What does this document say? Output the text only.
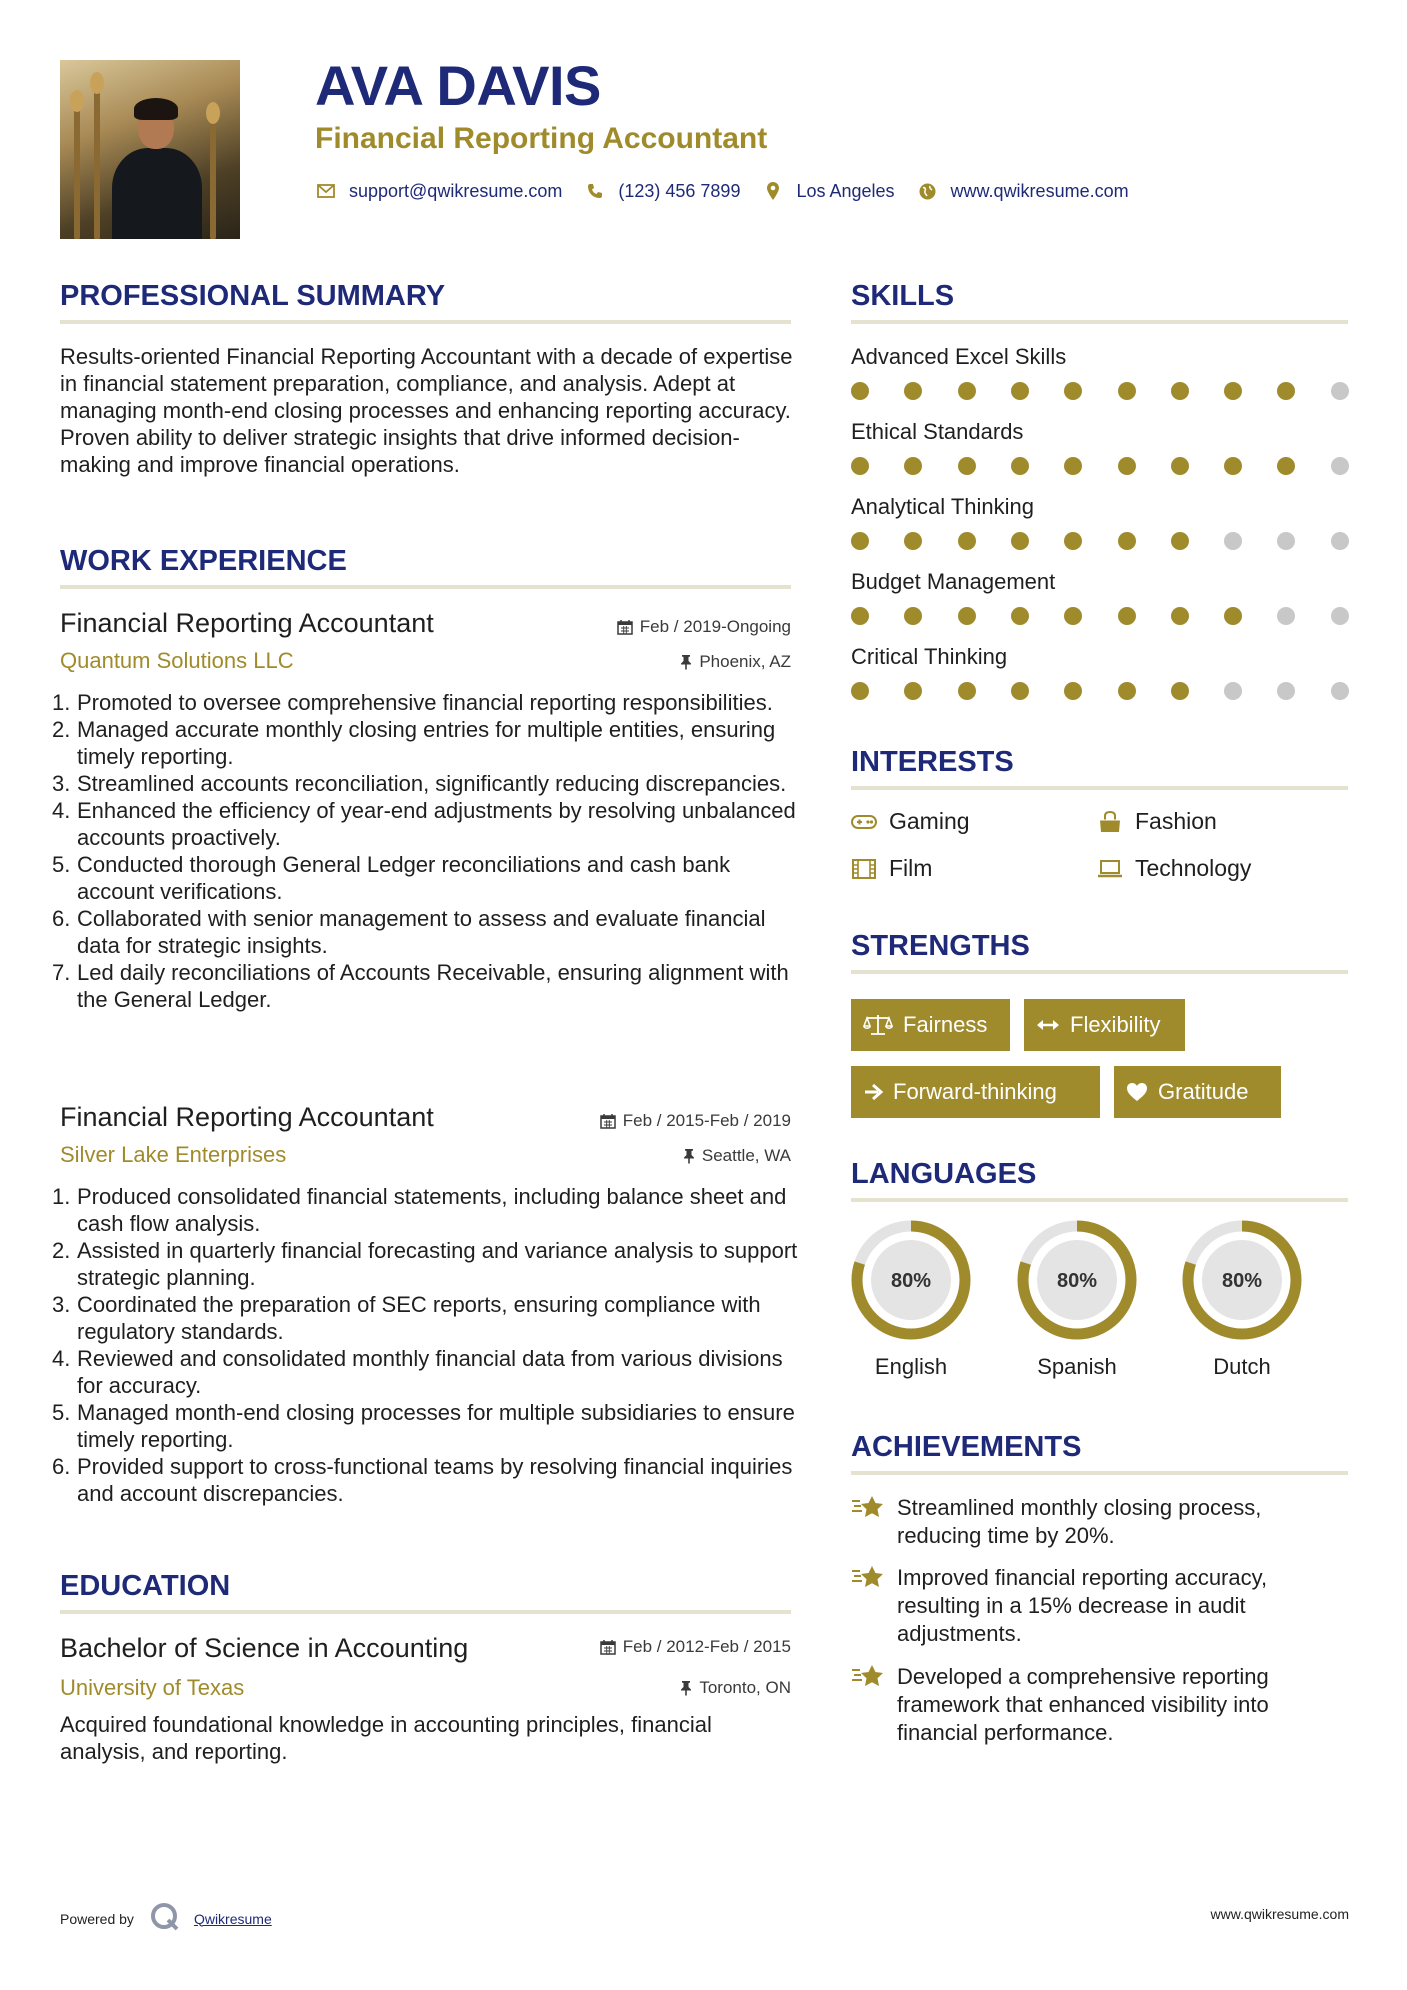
AVA DAVIS
Financial Reporting Accountant
support@qwikresume.com	(123) 456 7899	Los Angeles	www.qwikresume.com
PROFESSIONAL SUMMARY

Results-oriented Financial Reporting Accountant with a decade of expertise in financial statement preparation, compliance, and analysis. Adept at managing month-end closing processes and enhancing reporting accuracy. Proven ability to deliver strategic insights that drive informed decision-making and improve financial operations.

WORK EXPERIENCE

Financial Reporting Accountant	Feb / 2019-Ongoing

Quantum Solutions LLC	Phoenix, AZ
1. Promoted to oversee comprehensive financial reporting responsibilities.
2. Managed accurate monthly closing entries for multiple entities, ensuring timely reporting.
3. Streamlined accounts reconciliation, significantly reducing discrepancies.
4. Enhanced the efficiency of year-end adjustments by resolving unbalanced accounts proactively.
5. Conducted thorough General Ledger reconciliations and cash bank account verifications.
6. Collaborated with senior management to assess and evaluate financial data for strategic insights.
7. Led daily reconciliations of Accounts Receivable, ensuring alignment with the General Ledger.

Financial Reporting Accountant	Feb / 2015-Feb / 2019

Silver Lake Enterprises	Seattle, WA
1. Produced consolidated financial statements, including balance sheet and cash flow analysis.
2. Assisted in quarterly financial forecasting and variance analysis to support strategic planning.
3. Coordinated the preparation of SEC reports, ensuring compliance with regulatory standards.
4. Reviewed and consolidated monthly financial data from various divisions for accuracy.
5. Managed month-end closing processes for multiple subsidiaries to ensure timely reporting.
6. Provided support to cross-functional teams by resolving financial inquiries and account discrepancies.
EDUCATION

Bachelor of Science in Accounting	Feb / 2012-Feb / 2015

University of Texas	Toronto, ON

Acquired foundational knowledge in accounting principles, financial analysis, and reporting.

SKILLS

Advanced Excel Skills

Ethical Standards

Analytical Thinking

Budget Management

Critical Thinking

INTERESTS
Gaming	Fashion
Film	Technology
STRENGTHS
Fairness	Flexibility
Forward-thinking	Gratitude
LANGUAGES
80%
English
80%
Spanish
80%
Dutch
ACHIEVEMENTS
Streamlined monthly closing process, reducing time by 20%.
Improved financial reporting accuracy, resulting in a 15% decrease in audit adjustments.
Developed a comprehensive reporting framework that enhanced visibility into financial performance.
Powered by	Qwikresume	www.qwikresume.com
